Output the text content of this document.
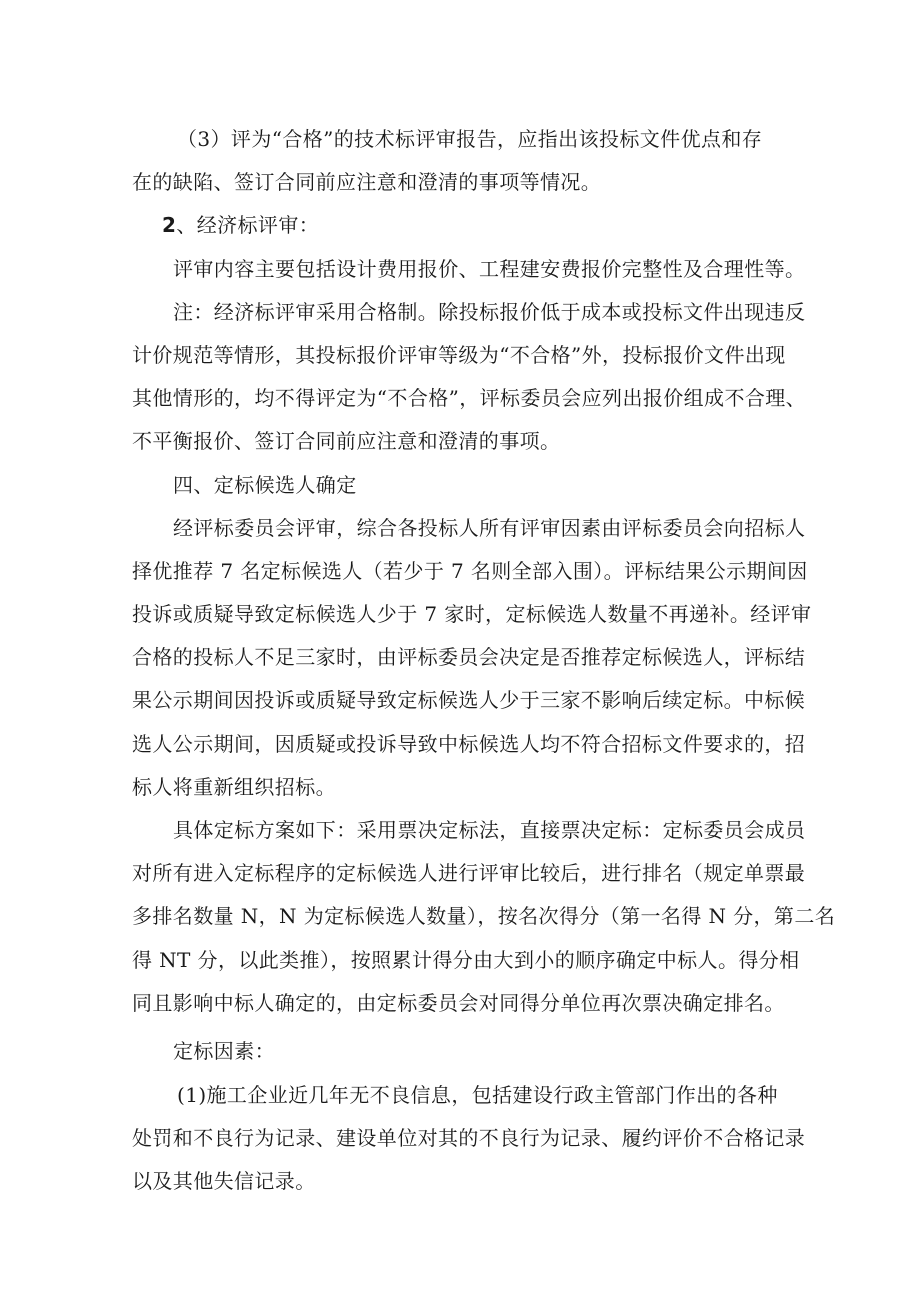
（3）评为“合格”的技术标评审报告，应指出该投标文件优点和存

在的缺陷、签订合同前应注意和澄清的事项等情况。

2、经济标评审：

评审内容主要包括设计费用报价、工程建安费报价完整性及合理性等。

注：经济标评审采用合格制。除投标报价低于成本或投标文件出现违反

计价规范等情形，其投标报价评审等级为“不合格”外，投标报价文件出现

其他情形的，均不得评定为“不合格”，评标委员会应列出报价组成不合理、

不平衡报价、签订合同前应注意和澄清的事项。

四、定标候选人确定

经评标委员会评审，综合各投标人所有评审因素由评标委员会向招标人

择优推荐 7 名定标候选人（若少于 7 名则全部入围）。评标结果公示期间因

投诉或质疑导致定标候选人少于 7 家时，定标候选人数量不再递补。经评审

合格的投标人不足三家时，由评标委员会决定是否推荐定标候选人，评标结

果公示期间因投诉或质疑导致定标候选人少于三家不影响后续定标。中标候

选人公示期间，因质疑或投诉导致中标候选人均不符合招标文件要求的，招

标人将重新组织招标。

具体定标方案如下：采用票决定标法，直接票决定标：定标委员会成员

对所有进入定标程序的定标候选人进行评审比较后，进行排名（规定单票最

多排名数量 N，N 为定标候选人数量），按名次得分（第一名得 N 分，第二名

得 NT 分，以此类推），按照累计得分由大到小的顺序确定中标人。得分相

同且影响中标人确定的，由定标委员会对同得分单位再次票决确定排名。

定标因素：

(1)施工企业近几年无不良信息，包括建设行政主管部门作出的各种

处罚和不良行为记录、建设单位对其的不良行为记录、履约评价不合格记录

以及其他失信记录。
